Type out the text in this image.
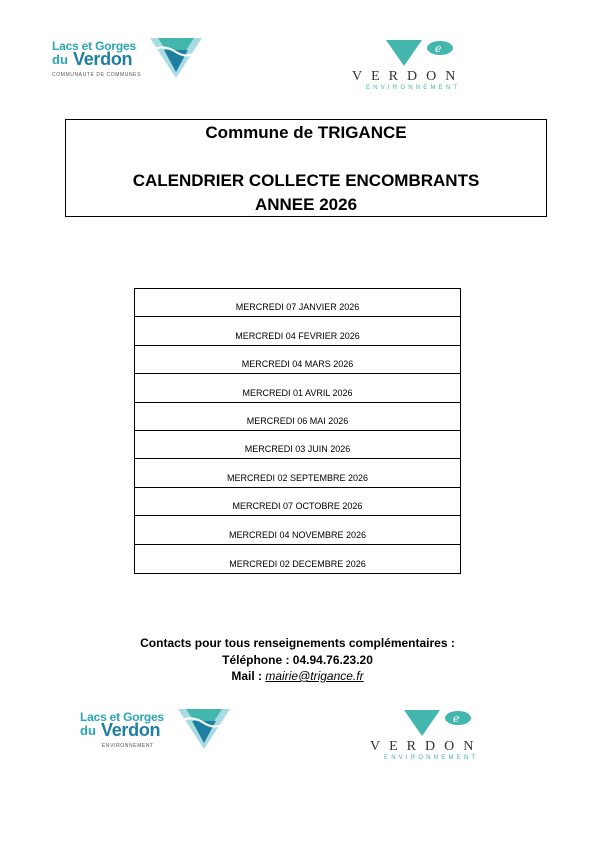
Lacs et Gorges
du Verdon
COMMUNAUTE DE COMMUNES
e
VERDON
ENVIRONNEMENT
Commune de TRIGANCE
CALENDRIER COLLECTE ENCOMBRANTS
ANNEE 2026
MERCREDI 07 JANVIER 2026
MERCREDI 04 FEVRIER 2026
MERCREDI 04 MARS 2026
MERCREDI 01 AVRIL 2026
MERCREDI 06 MAI 2026
MERCREDI 03 JUIN 2026
MERCREDI 02 SEPTEMBRE 2026
MERCREDI 07 OCTOBRE 2026
MERCREDI 04 NOVEMBRE 2026
MERCREDI 02 DECEMBRE 2026
Contacts pour tous renseignements complémentaires :
Téléphone : 04.94.76.23.20
Mail : mairie@trigance.fr
Lacs et Gorges
du Verdon
ENVIRONNEMENT
e
VERDON
ENVIRONNEMENT
